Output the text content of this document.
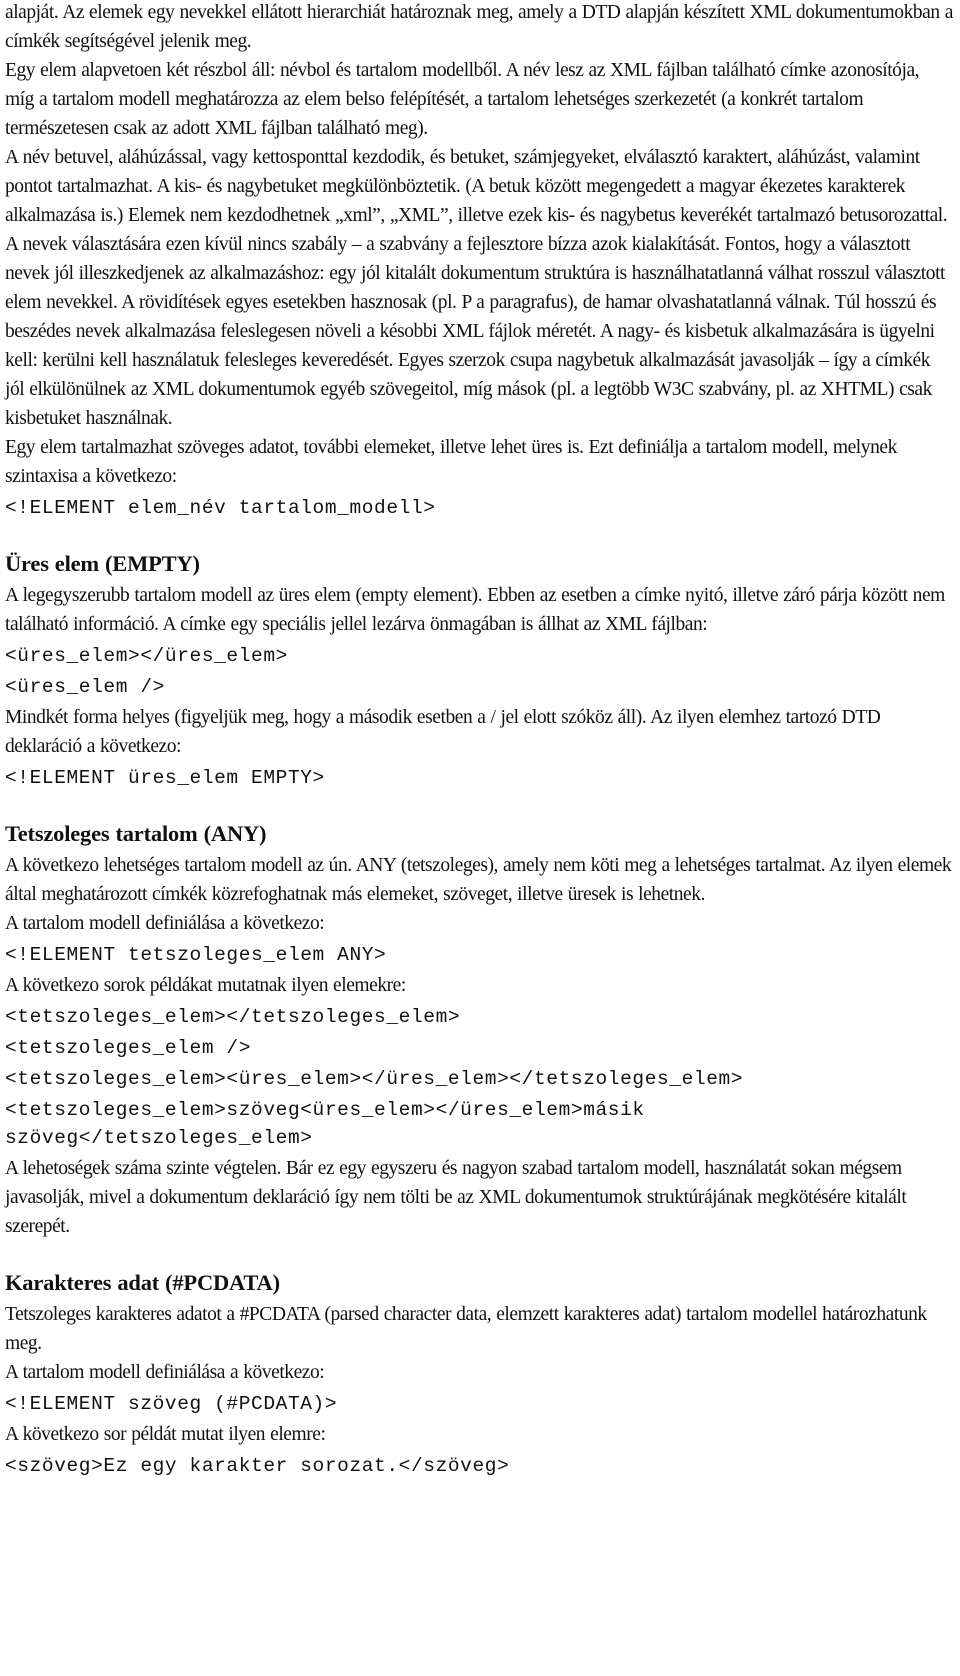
alapját. Az elemek egy nevekkel ellátott hierarchiát határoznak meg, amely a DTD alapján készített XML dokumentumokban a címkék segítségével jelenik meg.

Egy elem alapvetoen két részbol áll: névbol és tartalom modellből. A név lesz az XML fájlban található címke azonosítója, míg a tartalom modell meghatározza az elem belso felépítését, a tartalom lehetséges szerkezetét (a konkrét tartalom természetesen csak az adott XML fájlban található meg).

A név betuvel, aláhúzással, vagy kettosponttal kezdodik, és betuket, számjegyeket, elválasztó karaktert, aláhúzást, valamint pontot tartalmazhat. A kis- és nagybetuket megkülönböztetik. (A betuk között megengedett a magyar ékezetes karakterek alkalmazása is.) Elemek nem kezdodhetnek „xml”, „XML”, illetve ezek kis- és nagybetus keverékét tartalmazó betusorozattal. A nevek választására ezen kívül nincs szabály – a szabvány a fejlesztore bízza azok kialakítását. Fontos, hogy a választott nevek jól illeszkedjenek az alkalmazáshoz: egy jól kitalált dokumentum struktúra is használhatatlanná válhat rosszul választott elem nevekkel. A rövidítések egyes esetekben hasznosak (pl. P a paragrafus), de hamar olvashatatlanná válnak. Túl hosszú és beszédes nevek alkalmazása feleslegesen növeli a késobbi XML fájlok méretét. A nagy- és kisbetuk alkalmazására is ügyelni kell: kerülni kell használatuk felesleges keveredését. Egyes szerzok csupa nagybetuk alkalmazását javasolják – így a címkék jól elkülönülnek az XML dokumentumok egyéb szövegeitol, míg mások (pl. a legtöbb W3C szabvány, pl. az XHTML) csak kisbetuket használnak.

Egy elem tartalmazhat szöveges adatot, további elemeket, illetve lehet üres is. Ezt definiálja a tartalom modell, melynek szintaxisa a következo:

<!ELEMENT elem_név tartalom_modell>
Üres elem (EMPTY)

A legegyszerubb tartalom modell az üres elem (empty element). Ebben az esetben a címke nyitó, illetve záró párja között nem található információ. A címke egy speciális jellel lezárva önmagában is állhat az XML fájlban:

<üres_elem></üres_elem>
<üres_elem />

Mindkét forma helyes (figyeljük meg, hogy a második esetben a / jel elott szóköz áll). Az ilyen elemhez tartozó DTD deklaráció a következo:

<!ELEMENT üres_elem EMPTY>
Tetszoleges tartalom (ANY)

A következo lehetséges tartalom modell az ún. ANY (tetszoleges), amely nem köti meg a lehetséges tartalmat. Az ilyen elemek által meghatározott címkék közrefoghatnak más elemeket, szöveget, illetve üresek is lehetnek.

A tartalom modell definiálása a következo:

<!ELEMENT tetszoleges_elem ANY>

A következo sorok példákat mutatnak ilyen elemekre:

<tetszoleges_elem></tetszoleges_elem>
<tetszoleges_elem />
<tetszoleges_elem><üres_elem></üres_elem></tetszoleges_elem>
<tetszoleges_elem>szöveg<üres_elem></üres_elem>másik szöveg</tetszoleges_elem>

A lehetoségek száma szinte végtelen. Bár ez egy egyszeru és nagyon szabad tartalom modell, használatát sokan mégsem javasolják, mivel a dokumentum deklaráció így nem tölti be az XML dokumentumok struktúrájának megkötésére kitalált szerepét.

Karakteres adat (#PCDATA)

Tetszoleges karakteres adatot a #PCDATA (parsed character data, elemzett karakteres adat) tartalom modellel határozhatunk meg.

A tartalom modell definiálása a következo:

<!ELEMENT szöveg (#PCDATA)>

A következo sor példát mutat ilyen elemre:

<szöveg>Ez egy karakter sorozat.</szöveg>
